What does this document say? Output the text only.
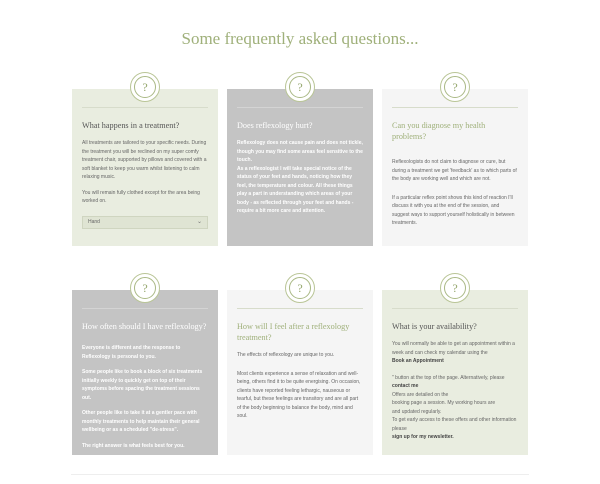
Some frequently asked questions...
?
What happens in a treatment?

All treatments are tailored to your specific needs. During the treatment you will be reclined on my super comfy treatment chair, supported by pillows and covered with a soft blanket to keep you warm whilst listening to calm relaxing music.

You will remain fully clothed except for the area being worked on.

Hand	⌄
?
Does reflexology hurt?

Reflexology does not cause pain and does not tickle, though you may find some areas feel sensitive to the touch.

As a reflexologist I will take special notice of the status of your feet and hands, noticing how they feel, the temperature and colour. All these things play a part in understanding which areas of your body - as reflected through your feet and hands - require a bit more care and attention.

?
Can you diagnose my health problems?

Reflexologists do not claim to diagnose or cure, but during a treatment we get 'feedback' as to which parts of the body are working well and which are not.

If a particular reflex point shows this kind of reaction I'll discuss it with you at the end of the session, and suggest ways to support yourself holistically in between treatments.

?
How often should I have reflexology?

Everyone is different and the response to Reflexology is personal to you.

Some people like to book a block of six treatments initially weekly to quickly get on top of their symptoms before spacing the treatment sessions out.

Other people like to take it at a gentler pace with monthly treatments to help maintain their general wellbeing or as a scheduled "de-stress".

The right answer is what feels best for you.

?
How will I feel after a reflexology treatment?

The effects of reflexology are unique to you.

Most clients experience a sense of relaxation and well-being, others find it to be quite energising. On occasion, clients have reported feeling lethargic, nauseous or tearful, but these feelings are transitory and are all part of the body beginning to balance the body, mind and soul.

?
What is your availability?
You will normally be able to get an appointment within a week and can check my calendar using the
Book an Appointment
" button at the top of the page. Alternatively, please
contact me
Offers are detailed on the
booking page a session. My working hours are
and updated regularly.
To get early access to these offers and other information please
sign up for my newsletter.
